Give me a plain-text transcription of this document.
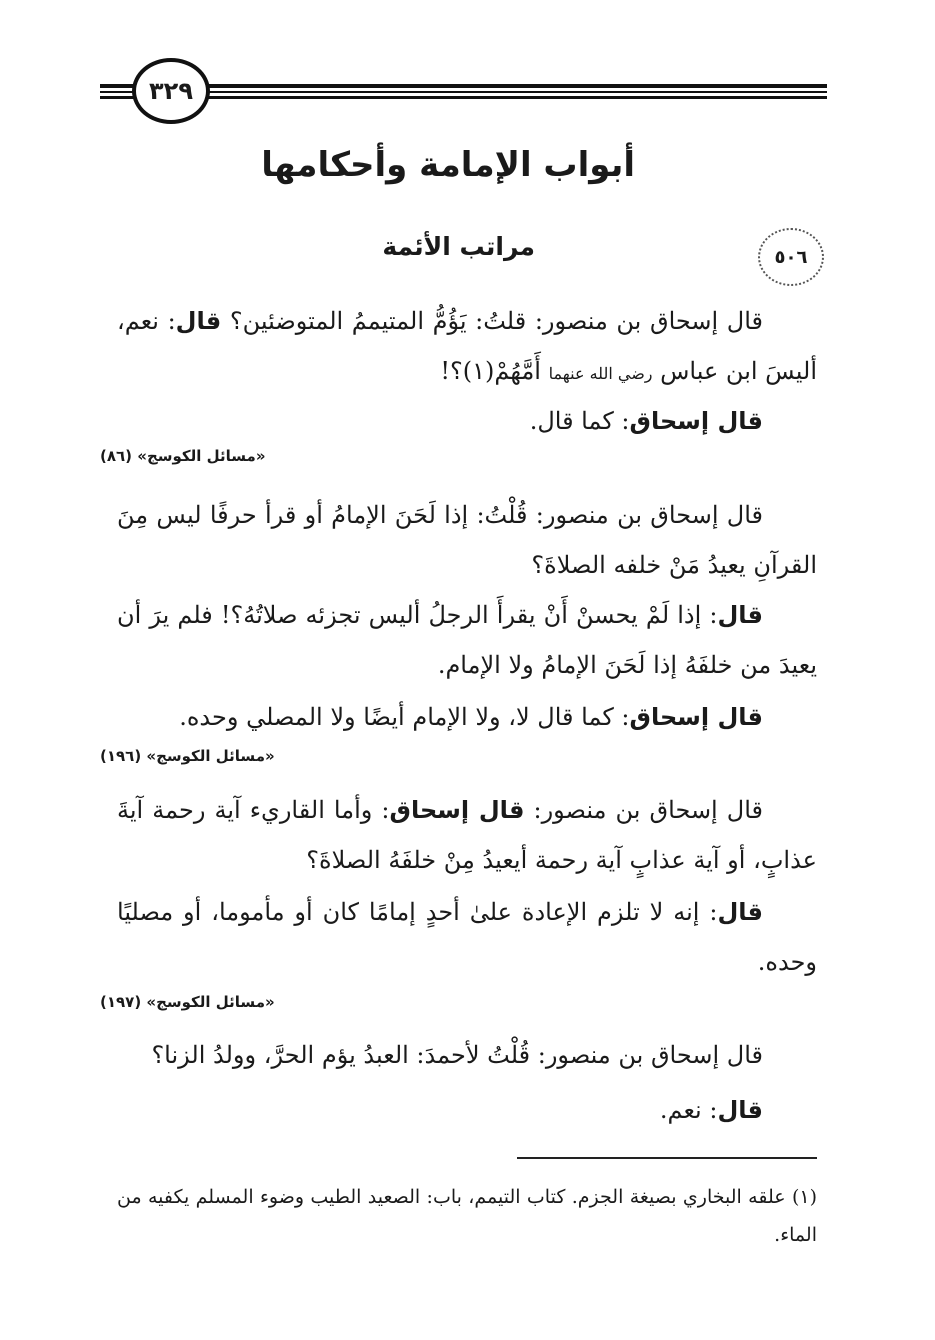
٣٢٩
أبواب الإمامة وأحكامها
٥٠٦
مراتب الأئمة
قال إسحاق بن منصور: قلتُ: يَؤُمُّ المتيممُ المتوضئين؟ قال: نعم، أليسَ ابن عباس رضي الله عنهما أَمَّهُمْ(١)؟!
قال إسحاق: كما قال.
«مسائل الكوسج» (٨٦)
قال إسحاق بن منصور: قُلْتُ: إذا لَحَنَ الإمامُ أو قرأ حرفًا ليس مِنَ القرآنِ يعيدُ مَنْ خلفه الصلاةَ؟
قال: إذا لَمْ يحسنْ أَنْ يقرأَ الرجلُ أليس تجزئه صلاتُهُ؟! فلم يرَ أن يعيدَ من خلفَهُ إذا لَحَنَ الإمامُ ولا الإمام.
قال إسحاق: كما قال لا، ولا الإمام أيضًا ولا المصلي وحده.
«مسائل الكوسج» (١٩٦)
قال إسحاق بن منصور: قال إسحاق: وأما القاريء آية رحمة آيةَ عذابٍ، أو آية عذابٍ آية رحمة أيعيدُ مِنْ خلفَهُ الصلاةَ؟
قال: إنه لا تلزم الإعادة علىٰ أحدٍ إمامًا كان أو مأموما، أو مصليًا وحده.
«مسائل الكوسج» (١٩٧)
قال إسحاق بن منصور: قُلْتُ لأحمدَ: العبدُ يؤم الحرَّ، وولدُ الزنا؟
قال: نعم.
(١) علقه البخاري بصيغة الجزم. كتاب التيمم، باب: الصعيد الطيب وضوء المسلم يكفيه من الماء.
